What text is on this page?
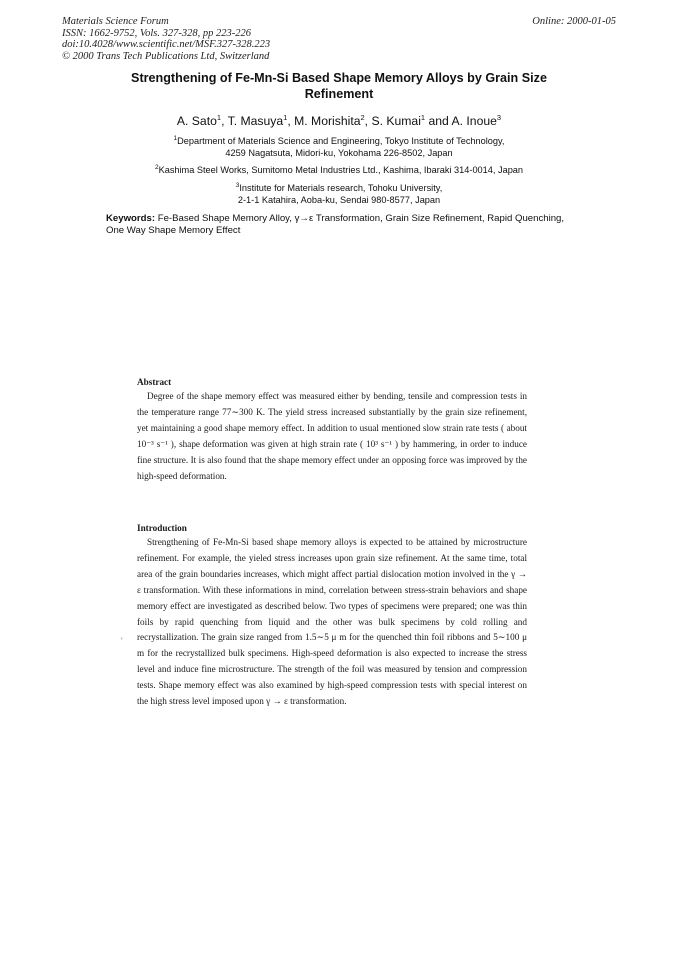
Materials Science Forum
ISSN: 1662-9752, Vols. 327-328, pp 223-226
doi:10.4028/www.scientific.net/MSF.327-328.223
© 2000 Trans Tech Publications Ltd, Switzerland
Online: 2000-01-05
Strengthening of Fe-Mn-Si Based Shape Memory Alloys by Grain Size Refinement
A. Sato$^1$, T. Masuya$^1$, M. Morishita$^2$, S. Kumai$^1$ and A. Inoue$^3$
$^1$Department of Materials Science and Engineering, Tokyo Institute of Technology,
4259 Nagatsuta, Midori-ku, Yokohama 226-8502, Japan
$^2$Kashima Steel Works, Sumitomo Metal Industries Ltd., Kashima, Ibaraki 314-0014, Japan
$^3$Institute for Materials research, Tohoku University,
2-1-1 Katahira, Aoba-ku, Sendai 980-8577, Japan
Keywords: Fe-Based Shape Memory Alloy, γ→ε Transformation, Grain Size Refinement, Rapid Quenching, One Way Shape Memory Effect
Abstract

Degree of the shape memory effect was measured either by bending, tensile and compression tests in the temperature range 77∼300 K. The yield stress increased substantially by the grain size refinement, yet maintaining a good shape memory effect. In addition to usual mentioned slow strain rate tests ( about 10⁻³ s⁻¹ ), shape deformation was given at high strain rate ( 10³ s⁻¹ ) by hammering, in order to induce fine structure. It is also found that the shape memory effect under an opposing force was improved by the high-speed deformation.

Introduction

Strengthening of Fe-Mn-Si based shape memory alloys is expected to be attained by microstructure refinement. For example, the yieled stress increases upon grain size refinement. At the same time, total area of the grain boundaries increases, which might affect partial dislocation motion involved in the γ → ε transformation. With these informations in mind, correlation between stress-strain behaviors and shape memory effect are investigated as described below. Two types of specimens were prepared; one was thin foils by rapid quenching from liquid and the other was bulk specimens by cold rolling and recrystallization. The grain size ranged from 1.5∼5 μ m for the quenched thin foil ribbons and 5∼100 μ m for the recrystallized bulk specimens. High-speed deformation is also expected to increase the stress level and induce fine microstructure. The strength of the foil was measured by tension and compression tests. Shape memory effect was also examined by high-speed compression tests with special interest on the high stress level imposed upon γ → ε transformation.

'
